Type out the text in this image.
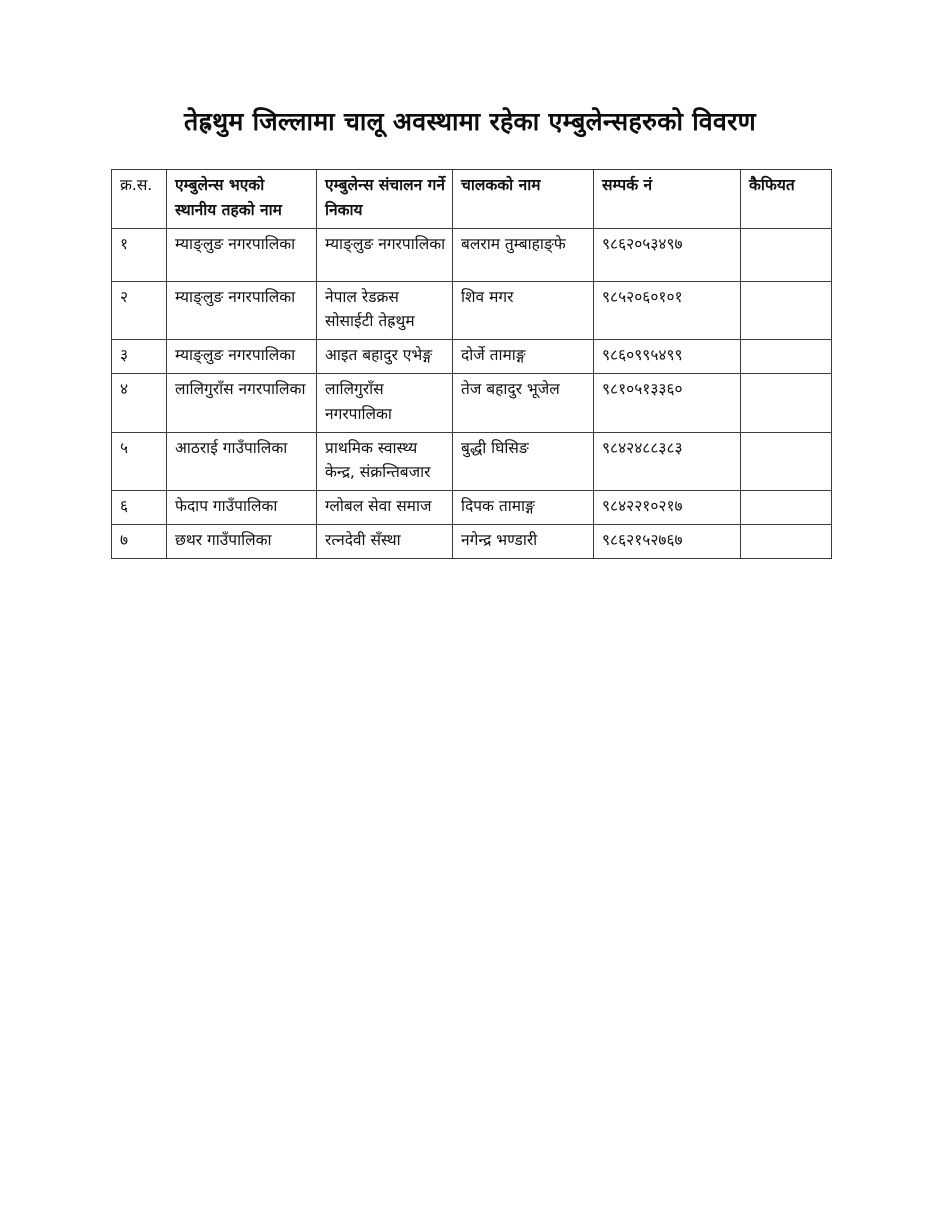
तेह्रथुम जिल्लामा चालू अवस्थामा रहेका एम्बुलेन्सहरुको विवरण
क्र.स.	एम्बुलेन्स भएको स्थानीय तहको नाम	एम्बुलेन्स संचालन गर्ने निकाय	चालकको नाम	सम्पर्क नं	कैफियत
१	म्याङ्लुङ नगरपालिका	म्याङ्लुङ नगरपालिका	बलराम तुम्बाहाङ्फे	९८६२०५३४९७	
२	म्याङ्लुङ नगरपालिका	नेपाल रेडक्रस सोसाईटी तेह्रथुम	शिव मगर	९८५२०६०१०१	
३	म्याङ्लुङ नगरपालिका	आइत बहादुर एभेङ्ग	दोर्जे तामाङ्ग	९८६०९९५४९९	
४	लालिगुराँस नगरपालिका	लालिगुराँस नगरपालिका	तेज बहादुर भूजेल	९८१०५१३३६०	
५	आठराई गाउँपालिका	प्राथमिक स्वास्थ्य केन्द्र, संक्रन्तिबजार	बुद्धी घिसिङ	९८४२४८८३८३	
६	फेदाप गाउँपालिका	ग्लोबल सेवा समाज	दिपक तामाङ्ग	९८४२२१०२१७	
७	छथर गाउँपालिका	रत्नदेवी सँस्था	नगेन्द्र भण्डारी	९८६२१५२७६७	
